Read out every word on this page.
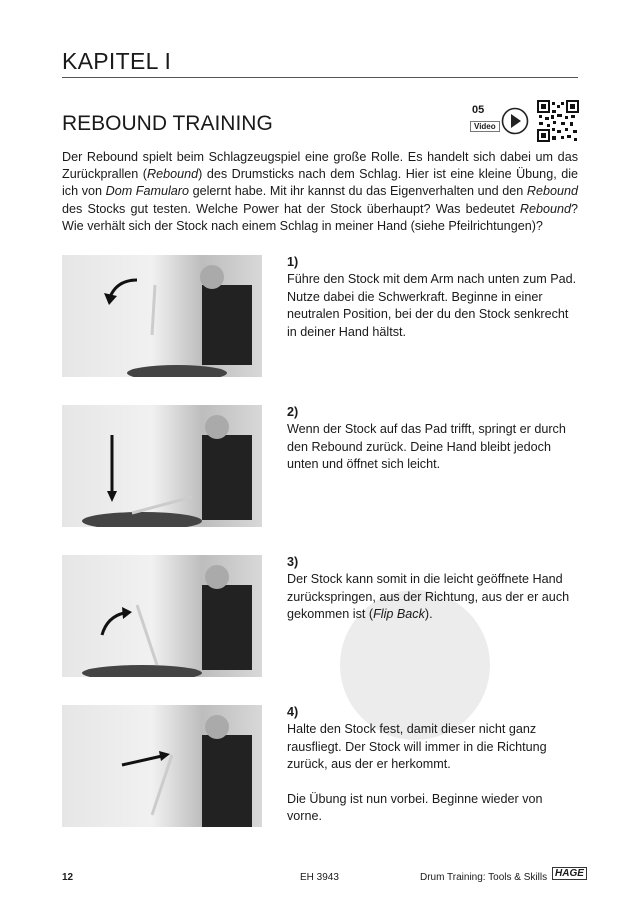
KAPITEL I
REBOUND TRAINING
05
Video
Der Rebound spielt beim Schlagzeugspiel eine große Rolle. Es handelt sich dabei um das Zurückprallen (Rebound) des Drumsticks nach dem Schlag. Hier ist eine kleine Übung, die ich von Dom Famularo gelernt habe. Mit ihr kannst du das Eigenverhalten und den Rebound des Stocks gut testen. Welche Power hat der Stock überhaupt? Was bedeutet Rebound? Wie verhält sich der Stock nach einem Schlag in meiner Hand (siehe Pfeilrichtungen)?
1)

Führe den Stock mit dem Arm nach unten zum Pad. Nutze dabei die Schwerkraft. Beginne in einer neutralen Position, bei der du den Stock senkrecht in deiner Hand hältst.

2)

Wenn der Stock auf das Pad trifft, springt er durch den Rebound zurück. Deine Hand bleibt jedoch unten und öffnet sich leicht.

3)

Der Stock kann somit in die leicht geöffnete Hand zurückspringen, aus der Richtung, aus der er auch gekommen ist (Flip Back).

4)

Halte den Stock fest, damit dieser nicht ganz rausfliegt. Der Stock will immer in die Richtung zurück, aus der er herkommt.

Die Übung ist nun vorbei. Beginne wieder von vorne.

12	EH 3943	Drum Training: Tools & Skills HAGE
